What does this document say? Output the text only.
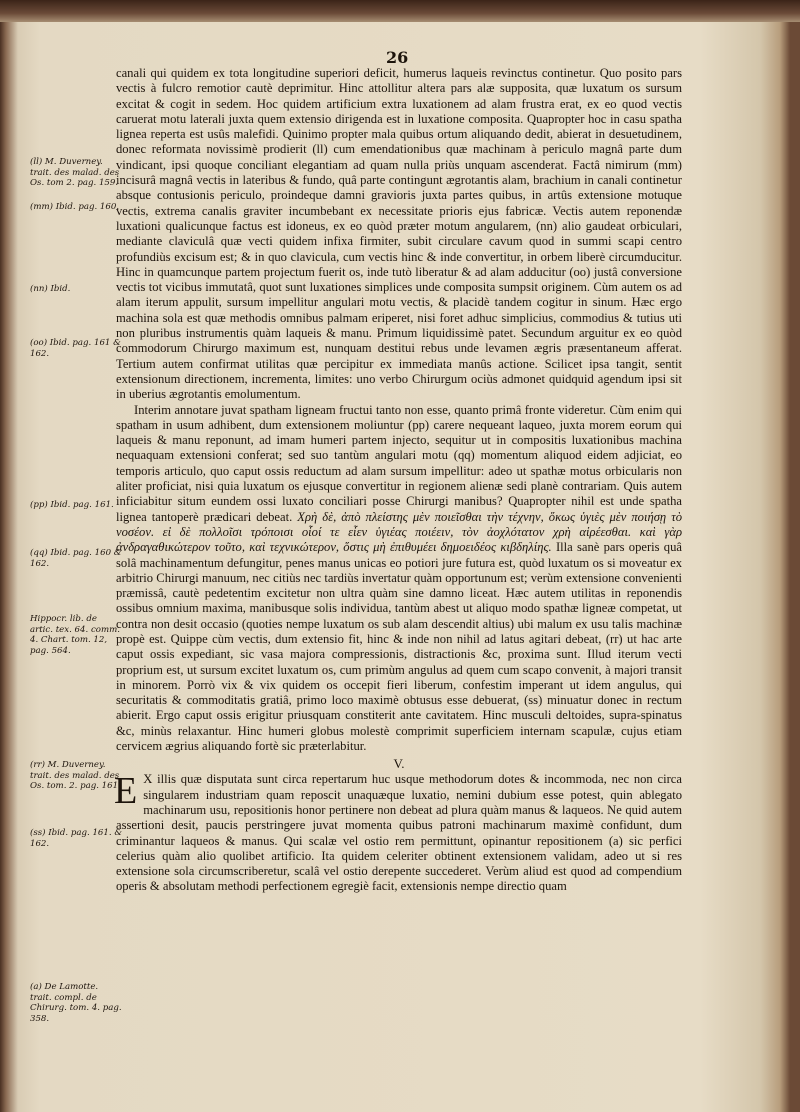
26
(ll) M. Duverney. trait. des malad. des Os. tom 2. pag. 159.
(mm) Ibid. pag. 160.
(nn) Ibid.
(oo) Ibid. pag. 161 & 162.
(pp) Ibid. pag. 161.
(qq) Ibid. pag. 160 & 162.
Hippocr. lib. de artic. tex. 64. comm. 4. Chart. tom. 12, pag. 564.
(rr) M. Duverney. trait. des malad. des Os. tom. 2. pag. 161.
(ss) Ibid. pag. 161. & 162.
(a) De Lamotte. trait. compl. de Chirurg. tom. 4. pag. 358.

canali qui quidem ex tota longitudine superiori deficit, humerus laqueis revinctus continetur. Quo posito pars vectis à fulcro remotior cautè deprimitur. Hinc attollitur altera pars alæ supposita, quæ luxatum os sursum excitat & cogit in sedem. Hoc quidem artificium extra luxationem ad alam frustra erat, ex eo quod vectis caruerat motu laterali juxta quem extensio dirigenda est in luxatione composita. Quapropter hoc in casu spatha lignea reperta est usûs malefidi. Quinimo propter mala quibus ortum aliquando dedit, abierat in desuetudinem, donec reformata novissimè prodierit (ll) cum emendationibus quæ machinam à periculo magnâ parte dum vindicant, ipsi quoque conciliant elegantiam ad quam nulla priùs unquam ascenderat. Factâ nimirum (mm) incisurâ magnâ vectis in lateribus & fundo, quâ parte contingunt ægrotantis alam, brachium in canali continetur absque contusionis periculo, proindeque damni gravioris juxta partes quibus, in artûs extensione motuque vectis, extrema canalis graviter incumbebant ex necessitate prioris ejus fabricæ. Vectis autem reponendæ luxationi qualicunque factus est idoneus, ex eo quòd præter motum angularem, (nn) alio gaudeat orbiculari, mediante claviculâ quæ vecti quidem infixa firmiter, subit circulare cavum quod in summi scapi centro profundiùs excisum est; & in quo clavicula, cum vectis hinc & inde convertitur, in orbem liberè circumducitur. Hinc in quamcunque partem projectum fuerit os, inde tutò liberatur & ad alam adducitur (oo) justâ conversione vectis tot vicibus immutatâ, quot sunt luxationes simplices unde composita sumpsit originem. Cùm autem os ad alam iterum appulit, sursum impellitur angulari motu vectis, & placidè tandem cogitur in sinum. Hæc ergo machina sola est quæ methodis omnibus palmam eriperet, nisi foret adhuc simplicius, commodius & tutius uti non pluribus instrumentis quàm laqueis & manu. Primum liquidissimè patet. Secundum arguitur ex eo quòd commodorum Chirurgo maximum est, nunquam destitui rebus unde levamen ægris præsentaneum afferat. Tertium autem confirmat utilitas quæ percipitur ex immediata manûs actione. Scilicet ipsa tangit, sentit extensionum directionem, incrementa, limites: uno verbo Chirurgum ociùs admonet quidquid agendum ipsi sit in uberius ægrotantis emolumentum.

Interim annotare juvat spatham ligneam fructui tanto non esse, quanto primâ fronte videretur. Cùm enim qui spatham in usum adhibent, dum extensionem moliuntur (pp) carere nequeant laqueo, juxta morem eorum qui laqueis & manu reponunt, ad imam humeri partem injecto, sequitur ut in compositis luxationibus machina nequaquam extensioni conferat; sed suo tantùm angulari motu (qq) momentum aliquod eidem adjiciat, eo temporis articulo, quo caput ossis reductum ad alam sursum impellitur: adeo ut spathæ motus orbicularis non aliter proficiat, nisi quia luxatum os ejusque convertitur in regionem alienæ sedi planè contrariam. Quis autem inficiabitur situm eundem ossi luxato conciliari posse Chirurgi manibus? Quapropter nihil est unde spatha lignea tantoperè prædicari debeat. Χρὴ δὲ, ἀπὸ πλείστης μὲν ποιεῖσθαι τὴν τέχνην, ὅκως ὑγιὲς μὲν ποιήσῃ τὸ νοσέον. εἰ δὲ πολλοῖσι τρόποισι οἷοί τε εἶεν ὑγιέας ποιέειν, τὸν ἀοχλότατον χρὴ αἱρέεσθαι. καὶ γὰρ ἀνδραγαθικώτερον τοῦτο, καὶ τεχνικώτερον, ὅστις μὴ ἐπιθυμέει δημοειδέος κιβδηλίης. Illa sanè pars operis quâ solâ machinamentum defungitur, penes manus unicas eo potiori jure futura est, quòd luxatum os si moveatur ex arbitrio Chirurgi manuum, nec citiùs nec tardiùs invertatur quàm opportunum est; verùm extensione convenienti præmissâ, cautè pedetentim excitetur non ultra quàm sine damno liceat. Hæc autem utilitas in reponendis ossibus omnium maxima, manibusque solis individua, tantùm abest ut aliquo modo spathæ ligneæ competat, ut contra non desit occasio (quoties nempe luxatum os sub alam descendit altius) ubi malum ex usu talis machinæ propè est. Quippe cùm vectis, dum extensio fit, hinc & inde non nihil ad latus agitari debeat, (rr) ut hac arte caput ossis expediant, sic vasa majora compressionis, distractionis &c, proxima sunt. Illud iterum vecti proprium est, ut sursum excitet luxatum os, cum primùm angulus ad quem cum scapo convenit, à majori transit in minorem. Porrò vix & vix quidem os occepit fieri liberum, confestim imperant ut idem angulus, qui securitatis & commoditatis gratiâ, primo loco maximè obtusus esse debuerat, (ss) minuatur donec in rectum abierit. Ergo caput ossis erigitur priusquam constiterit ante cavitatem. Hinc musculi deltoides, supra-spinatus &c, minùs relaxantur. Hinc humeri globus molestè comprimit superficiem internam scapulæ, cujus etiam cervicem ægrius aliquando fortè sic præterlabitur.

V.

E X illis quæ disputata sunt circa repertarum huc usque methodorum dotes & incommoda, nec non circa singularem industriam quam reposcit unaquæque luxatio, nemini dubium esse potest, quin ablegato machinarum usu, repositionis honor pertinere non debeat ad plura quàm manus & laqueos. Ne quid autem assertioni desit, paucis perstringere juvat momenta quibus patroni machinarum maximè confidunt, dum criminantur laqueos & manus. Qui scalæ vel ostio rem permittunt, opinantur repositionem (a) sic perfici celerius quàm alio quolibet artificio. Ita quidem celeriter obtinent extensionem validam, adeo ut si res extensione sola circumscriberetur, scalâ vel ostio derepente succederet. Verùm aliud est quod ad compendium operis & absolutam methodi perfectionem egregiè facit, extensionis nempe directio quam
